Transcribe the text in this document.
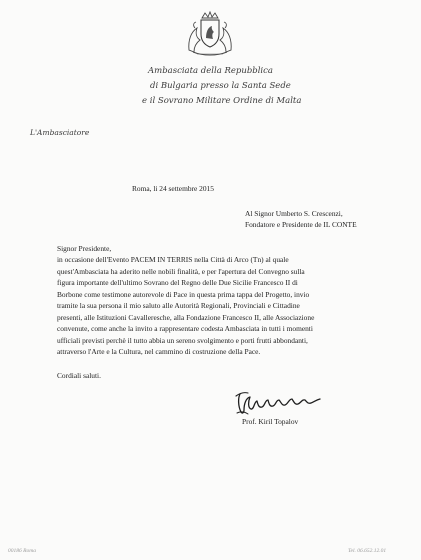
Ambasciata della Repubblica
di Bulgaria presso la Santa Sede
e il Sovrano Militare Ordine di Malta
L'Ambasciatore
Roma, li 24 settembre 2015
Al Signor Umberto S. Crescenzi,
Fondatore e Presidente de IL CONTE
Signor Presidente,
in occasione dell'Evento PACEM IN TERRIS nella Città di Arco (Tn) al quale
quest'Ambasciata ha aderito nelle nobili finalità, e per l'apertura del Convegno sulla
figura importante dell'ultimo Sovrano del Regno delle Due Sicilie Francesco II di
Borbone come testimone autorevole di Pace in questa prima tappa del Progetto, invio
tramite la sua persona il mio saluto alle Autorità Regionali, Provinciali e Cittadine
presenti, alle Istituzioni Cavalleresche, alla Fondazione Francesco II, alle Associazione
convenute, come anche la invito a rappresentare codesta Ambasciata in tutti i momenti
ufficiali previsti perchè il tutto abbia un sereno svolgimento e porti frutti abbondanti,
attraverso l'Arte e la Cultura, nel cammino di costruzione della Pace.
Cordiali saluti.
Prof. Kiril Topalov
00186 Roma	Tel. 06.652.12.01
